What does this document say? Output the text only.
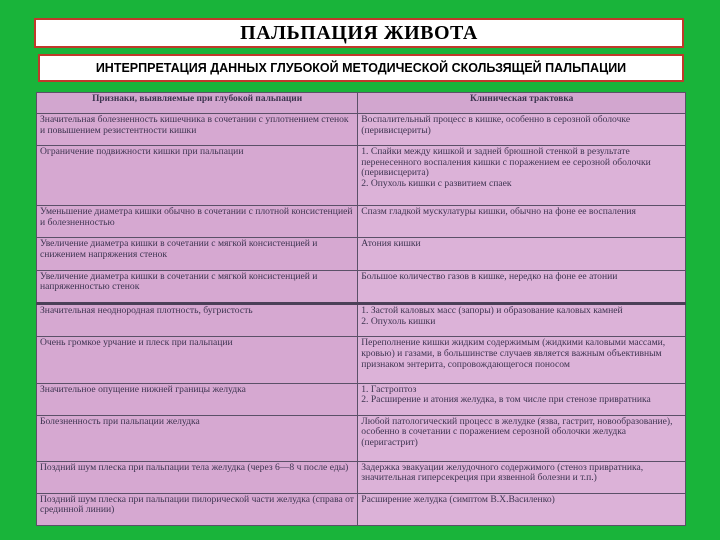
ПАЛЬПАЦИЯ ЖИВОТА
ИНТЕРПРЕТАЦИЯ ДАННЫХ ГЛУБОКОЙ МЕТОДИЧЕСКОЙ СКОЛЬЗЯЩЕЙ ПАЛЬПАЦИИ
Признаки, выявляемые при глубокой пальпации	Клиническая трактовка
Значительная болезненность кишечника в сочетании с уплотнением стенок и повышением резистентности кишки	Воспалительный процесс в кишке, особенно в серозной оболочке (перивисцериты)
Ограничение подвижности кишки при пальпации	1. Спайки между кишкой и задней брюшной стенкой в результате перенесенного воспаления кишки с поражением ее серозной оболочки (перивисцерита)
2. Опухоль кишки с развитием спаек
Уменьшение диаметра кишки обычно в сочетании с плотной консистенцией и болезненностью	Спазм гладкой мускулатуры кишки, обычно на фоне ее воспаления
Увеличение диаметра кишки в сочетании с мягкой консистенцией и снижением напряжения стенок	Атония кишки
Увеличение диаметра кишки в сочетании с мягкой консистенцией и напряженностью стенок	Большое количество газов в кишке, нередко на фоне ее атонии
Значительная неоднородная плотность, бугристость	1. Застой каловых масс (запоры) и образование каловых камней
2. Опухоль кишки
Очень громкое урчание и плеск при пальпации	Переполнение кишки жидким содержимым (жидкими каловыми массами, кровью) и газами, в большинстве случаев является важным объективным признаком энтерита, сопровождающегося поносом
Значительное опущение нижней границы желудка	1. Гастроптоз
2. Расширение и атония желудка, в том числе при стенозе привратника
Болезненность при пальпации желудка	Любой патологический процесс в желудке (язва, гастрит, новообразование), особенно в сочетании с поражением серозной оболочки желудка (перигастрит)
Поздний шум плеска при пальпации тела желудка (через 6—8 ч после еды)	Задержка эвакуации желудочного содержимого (стеноз привратника, значительная гиперсекреция при язвенной болезни и т.п.)
Поздний шум плеска при пальпации пилорической части желудка (справа от срединной линии)	Расширение желудка (симптом В.Х.Василенко)
